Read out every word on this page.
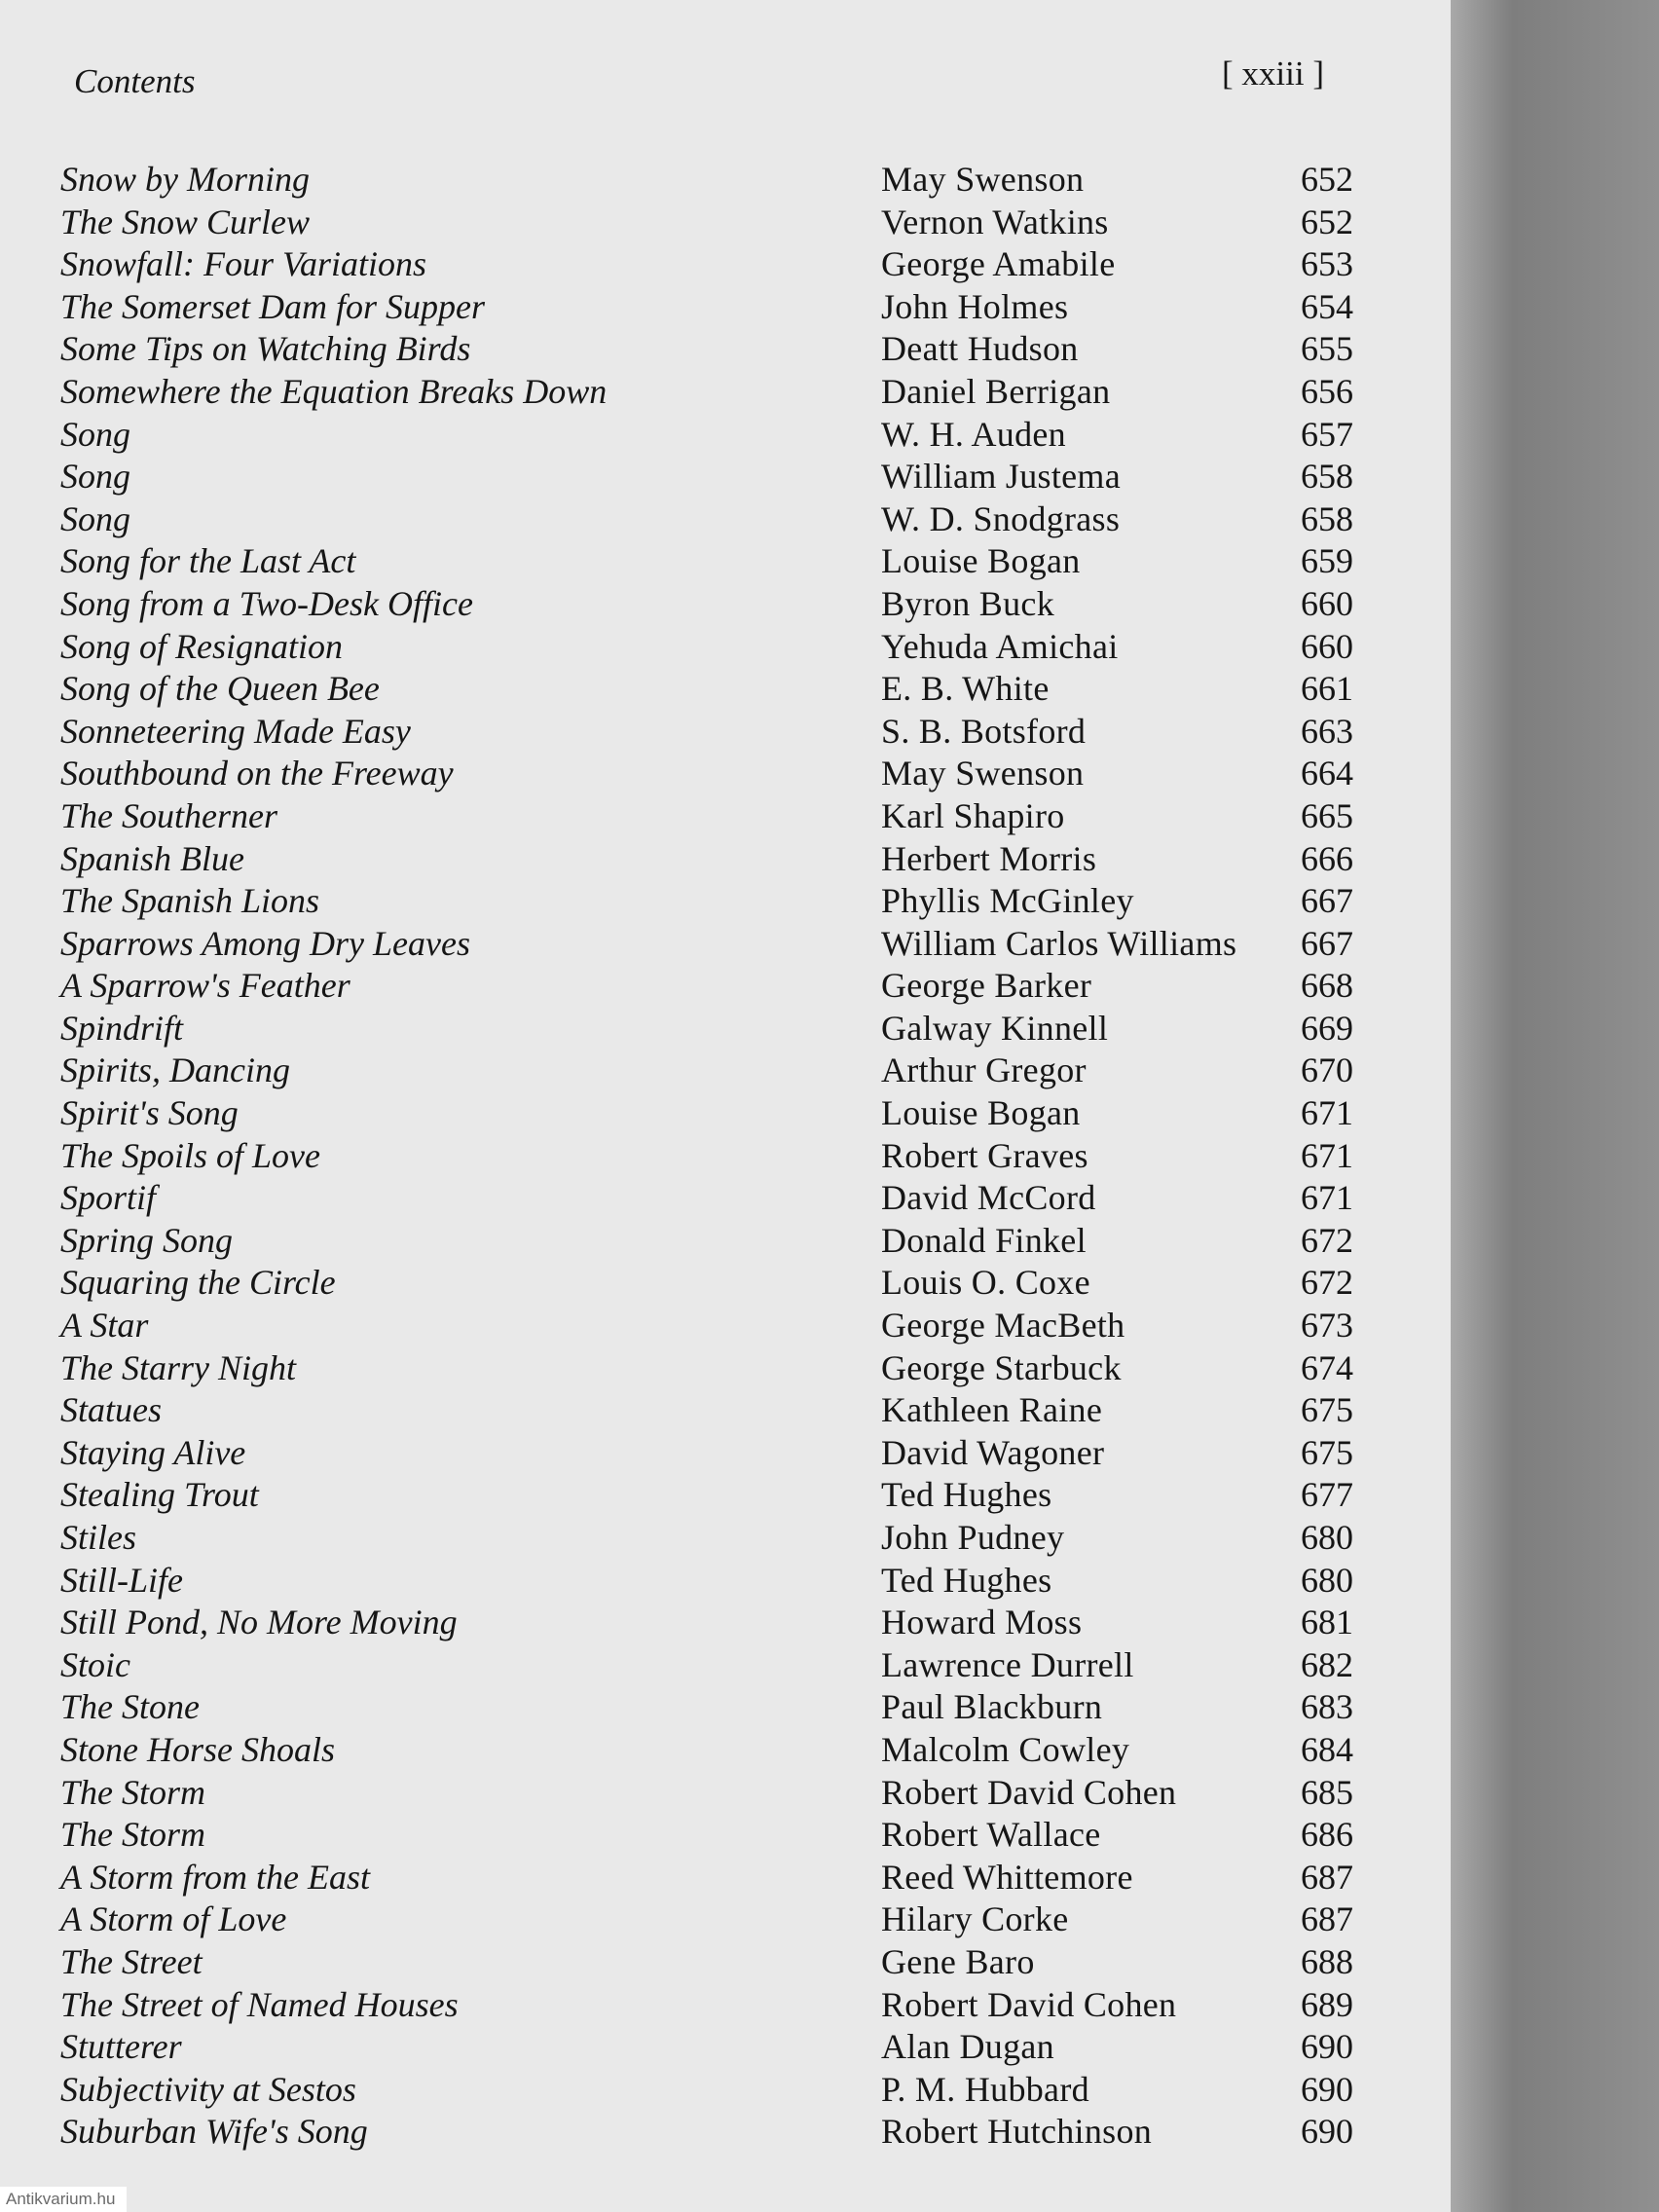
Contents	[ xxiii ]
Snow by Morning	May Swenson	652
The Snow Curlew	Vernon Watkins	652
Snowfall: Four Variations	George Amabile	653
The Somerset Dam for Supper	John Holmes	654
Some Tips on Watching Birds	Deatt Hudson	655
Somewhere the Equation Breaks Down	Daniel Berrigan	656
Song	W. H. Auden	657
Song	William Justema	658
Song	W. D. Snodgrass	658
Song for the Last Act	Louise Bogan	659
Song from a Two-Desk Office	Byron Buck	660
Song of Resignation	Yehuda Amichai	660
Song of the Queen Bee	E. B. White	661
Sonneteering Made Easy	S. B. Botsford	663
Southbound on the Freeway	May Swenson	664
The Southerner	Karl Shapiro	665
Spanish Blue	Herbert Morris	666
The Spanish Lions	Phyllis McGinley	667
Sparrows Among Dry Leaves	William Carlos Williams 667
A Sparrow's Feather	George Barker	668
Spindrift	Galway Kinnell	669
Spirits, Dancing	Arthur Gregor	670
Spirit's Song	Louise Bogan	671
The Spoils of Love	Robert Graves	671
Sportif	David McCord	671
Spring Song	Donald Finkel	672
Squaring the Circle	Louis O. Coxe	672
A Star	George MacBeth	673
The Starry Night	George Starbuck	674
Statues	Kathleen Raine	675
Staying Alive	David Wagoner	675
Stealing Trout	Ted Hughes	677
Stiles	John Pudney	680
Still-Life	Ted Hughes	680
Still Pond, No More Moving	Howard Moss	681
Stoic	Lawrence Durrell	682
The Stone	Paul Blackburn	683
Stone Horse Shoals	Malcolm Cowley	684
The Storm	Robert David Cohen	685
The Storm	Robert Wallace	686
A Storm from the East	Reed Whittemore	687
A Storm of Love	Hilary Corke	687
The Street	Gene Baro	688
The Street of Named Houses	Robert David Cohen	689
Stutterer	Alan Dugan	690
Subjectivity at Sestos	P. M. Hubbard	690
Suburban Wife's Song	Robert Hutchinson	690
Antikvarium.hu
